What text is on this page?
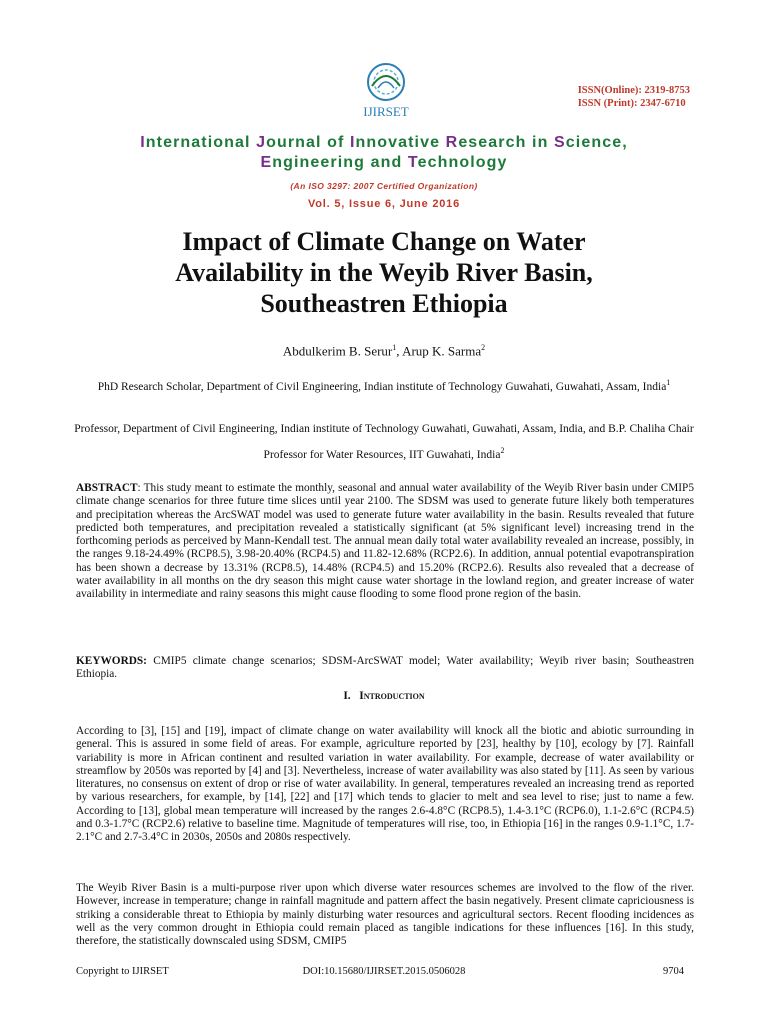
IJIRSET
ISSN(Online): 2319-8753
ISSN (Print): 2347-6710
International Journal of Innovative Research in Science,
Engineering and Technology
(An ISO 3297: 2007 Certified Organization)
Vol. 5, Issue 6, June 2016
Impact of Climate Change on Water
Availability in the Weyib River Basin,
Southeastren Ethiopia
Abdulkerim B. Serur$^1$, Arup K. Sarma$^2$
PhD Research Scholar, Department of Civil Engineering, Indian institute of Technology Guwahati, Guwahati, Assam, India$^1$
Professor, Department of Civil Engineering, Indian institute of Technology Guwahati, Guwahati, Assam, India, and B.P. Chaliha Chair Professor for Water Resources, IIT Guwahati, India$^2$
ABSTRACT: This study meant to estimate the monthly, seasonal and annual water availability of the Weyib River basin under CMIP5 climate change scenarios for three future time slices until year 2100. The SDSM was used to generate future likely both temperatures and precipitation whereas the ArcSWAT model was used to generate future water availability in the basin. Results revealed that future predicted both temperatures, and precipitation revealed a statistically significant (at 5% significant level) increasing trend in the forthcoming periods as perceived by Mann-Kendall test. The annual mean daily total water availability revealed an increase, possibly, in the ranges 9.18-24.49% (RCP8.5), 3.98-20.40% (RCP4.5) and 11.82-12.68% (RCP2.6). In addition, annual potential evapotranspiration has been shown a decrease by 13.31% (RCP8.5), 14.48% (RCP4.5) and 15.20% (RCP2.6). Results also revealed that a decrease of water availability in all months on the dry season this might cause water shortage in the lowland region, and greater increase of water availability in intermediate and rainy seasons this might cause flooding to some flood prone region of the basin.
KEYWORDS: CMIP5 climate change scenarios; SDSM-ArcSWAT model; Water availability; Weyib river basin; Southeastren Ethiopia.
I. Introduction
According to [3], [15] and [19], impact of climate change on water availability will knock all the biotic and abiotic surrounding in general. This is assured in some field of areas. For example, agriculture reported by [23], healthy by [10], ecology by [7]. Rainfall variability is more in African continent and resulted variation in water availability. For example, decrease of water availability or streamflow by 2050s was reported by [4] and [3]. Nevertheless, increase of water availability was also stated by [11]. As seen by various literatures, no consensus on extent of drop or rise of water availability. In general, temperatures revealed an increasing trend as reported by various researchers, for example, by [14], [22] and [17] which tends to glacier to melt and sea level to rise; just to name a few. According to [13], global mean temperature will increased by the ranges 2.6-4.8°C (RCP8.5), 1.4-3.1°C (RCP6.0), 1.1-2.6°C (RCP4.5) and 0.3-1.7°C (RCP2.6) relative to baseline time. Magnitude of temperatures will rise, too, in Ethiopia [16] in the ranges 0.9-1.1°C, 1.7-2.1°C and 2.7-3.4°C in 2030s, 2050s and 2080s respectively.
The Weyib River Basin is a multi-purpose river upon which diverse water resources schemes are involved to the flow of the river. However, increase in temperature; change in rainfall magnitude and pattern affect the basin negatively. Present climate capriciousness is striking a considerable threat to Ethiopia by mainly disturbing water resources and agricultural sectors. Recent flooding incidences as well as the very common drought in Ethiopia could remain placed as tangible indications for these influences [16]. In this study, therefore, the statistically downscaled using SDSM, CMIP5
Copyright to IJIRSET	DOI:10.15680/IJIRSET.2015.0506028	9704
